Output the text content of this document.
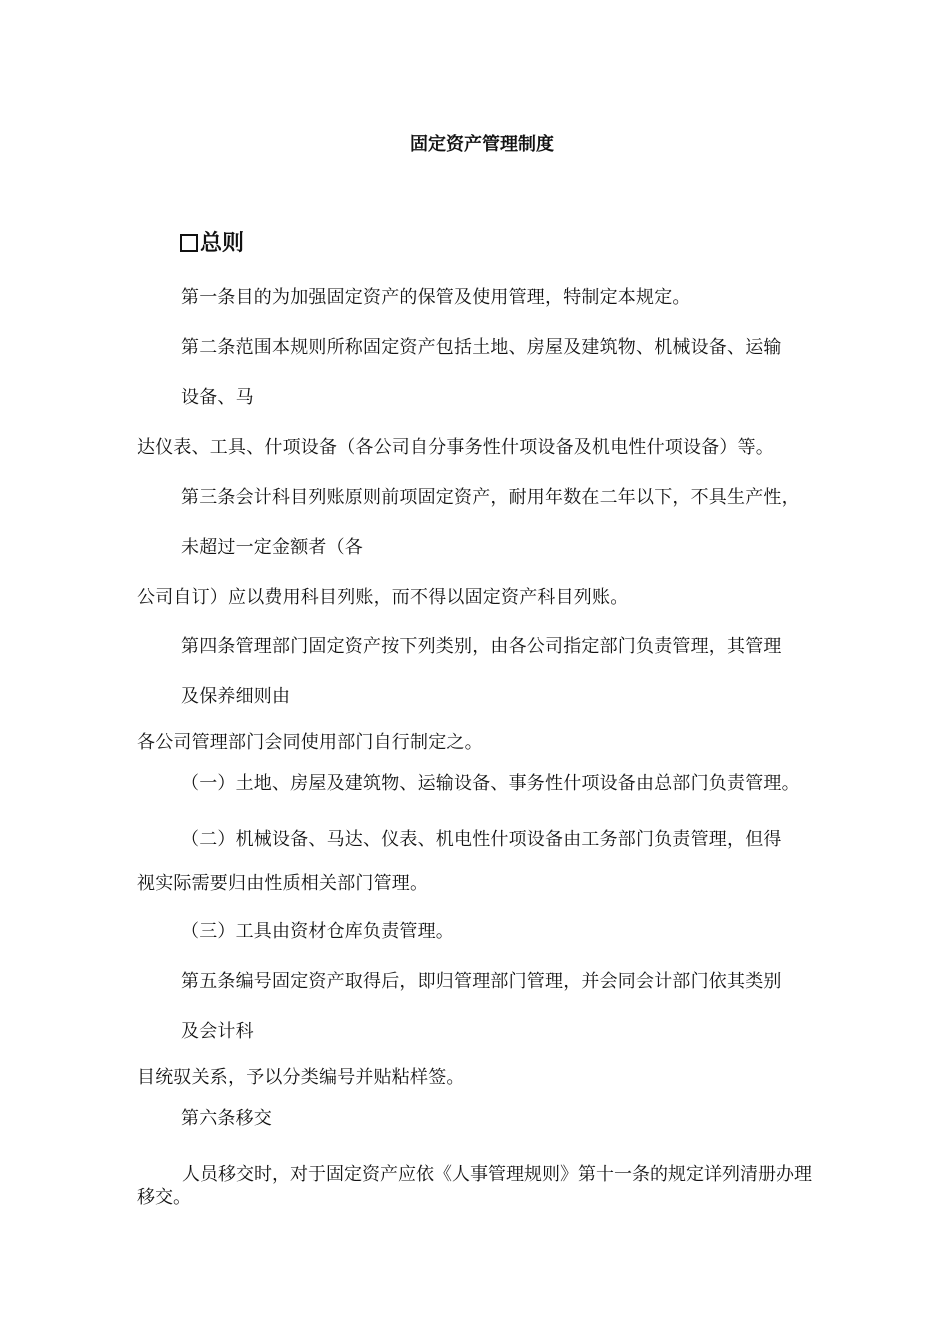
固定资产管理制度
总则
第一条目的为加强固定资产的保管及使用管理，特制定本规定。
第二条范围本规则所称固定资产包括土地、房屋及建筑物、机械设备、运输
设备、马
达仪表、工具、什项设备（各公司自分事务性什项设备及机电性什项设备）等。
第三条会计科目列账原则前项固定资产，耐用年数在二年以下，不具生产性，
未超过一定金额者（各
公司自订）应以费用科目列账，而不得以固定资产科目列账。
第四条管理部门固定资产按下列类别，由各公司指定部门负责管理，其管理
及保养细则由
各公司管理部门会同使用部门自行制定之。
（一）土地、房屋及建筑物、运输设备、事务性什项设备由总部门负责管理。
（二）机械设备、马达、仪表、机电性什项设备由工务部门负责管理，但得
视实际需要归由性质相关部门管理。
（三）工具由资材仓库负责管理。
第五条编号固定资产取得后，即归管理部门管理，并会同会计部门依其类别
及会计科
目统驭关系，予以分类编号并贴粘样签。
第六条移交
人员移交时，对于固定资产应依《人事管理规则》第十一条的规定详列清册办理移交。
